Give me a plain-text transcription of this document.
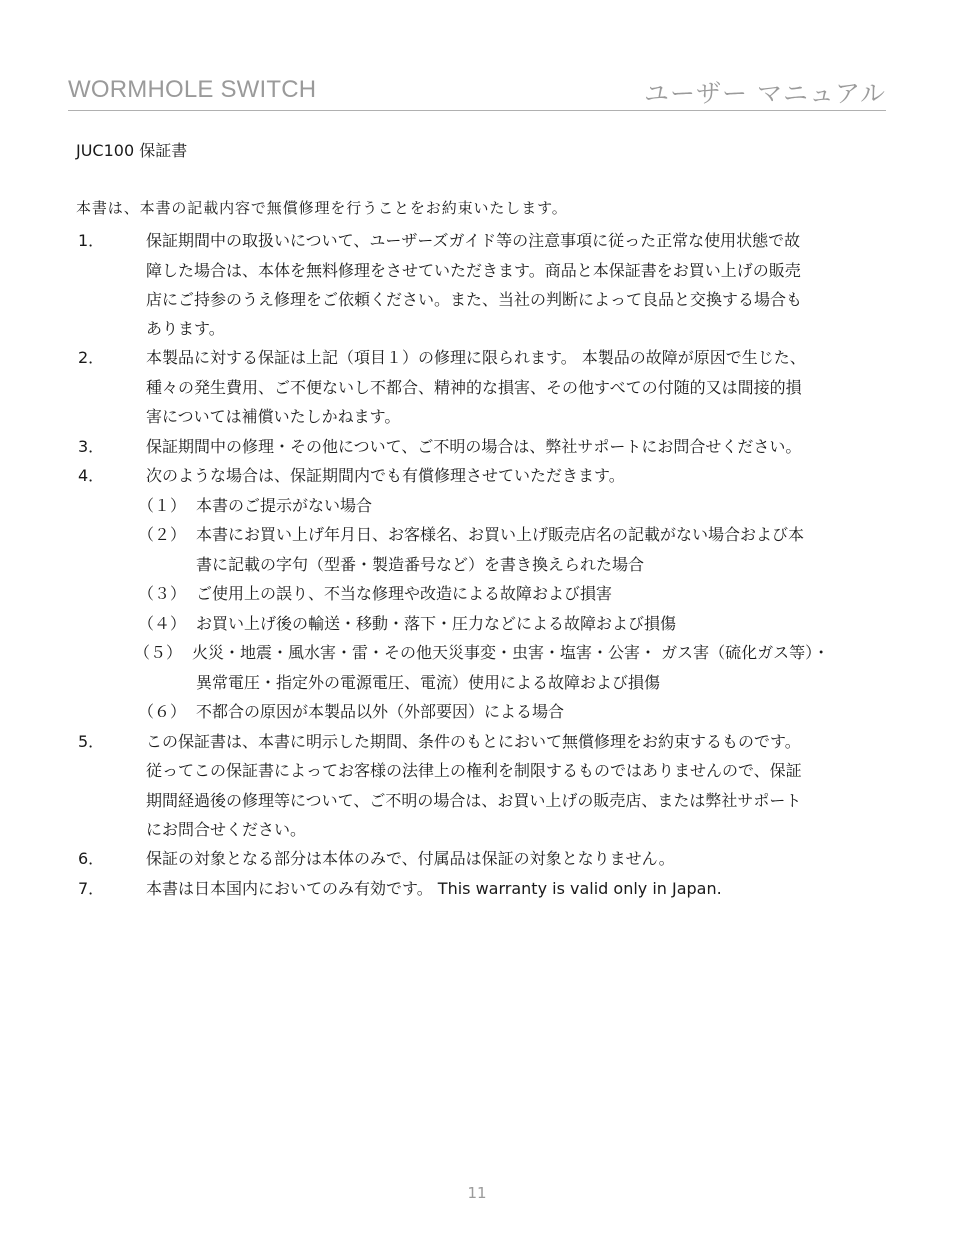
WORMHOLE SWITCH	ユーザー マニュアル
JUC100 保証書
本書は、本書の記載内容で無償修理を行うことをお約束いたします。
1．	保証期間中の取扱いについて、ユーザーズガイド等の注意事項に従った正常な使用状態で故
障した場合は、本体を無料修理をさせていただきます。商品と本保証書をお買い上げの販売
店にご持参のうえ修理をご依頼ください。また、当社の判断によって良品と交換する場合も
あります。
2．	本製品に対する保証は上記（項目１）の修理に限られます。 本製品の故障が原因で生じた、
種々の発生費用、ご不便ないし不都合、精神的な損害、その他すべての付随的又は間接的損
害については補償いたしかねます。
3．	保証期間中の修理・その他について、ご不明の場合は、弊社サポートにお問合せください。
4．	次のような場合は、保証期間内でも有償修理させていただきます。
（１） 本書のご提示がない場合
（２） 本書にお買い上げ年月日、お客様名、お買い上げ販売店名の記載がない場合および本
書に記載の字句（型番・製造番号など）を書き換えられた場合
（３） ご使用上の誤り、不当な修理や改造による故障および損害
（４） お買い上げ後の輸送・移動・落下・圧力などによる故障および損傷
（５） 火災・地震・風水害・雷・その他天災事変・虫害・塩害・公害・ ガス害（硫化ガス等）・
異常電圧・指定外の電源電圧、電流）使用による故障および損傷
（６） 不都合の原因が本製品以外（外部要因）による場合
5．	この保証書は、本書に明示した期間、条件のもとにおいて無償修理をお約束するものです。
従ってこの保証書によってお客様の法律上の権利を制限するものではありませんので、保証
期間経過後の修理等について、ご不明の場合は、お買い上げの販売店、または弊社サポート
にお問合せください。
6．	保証の対象となる部分は本体のみで、付属品は保証の対象となりません。
7．	本書は日本国内においてのみ有効です。 This warranty is valid only in Japan.
11
